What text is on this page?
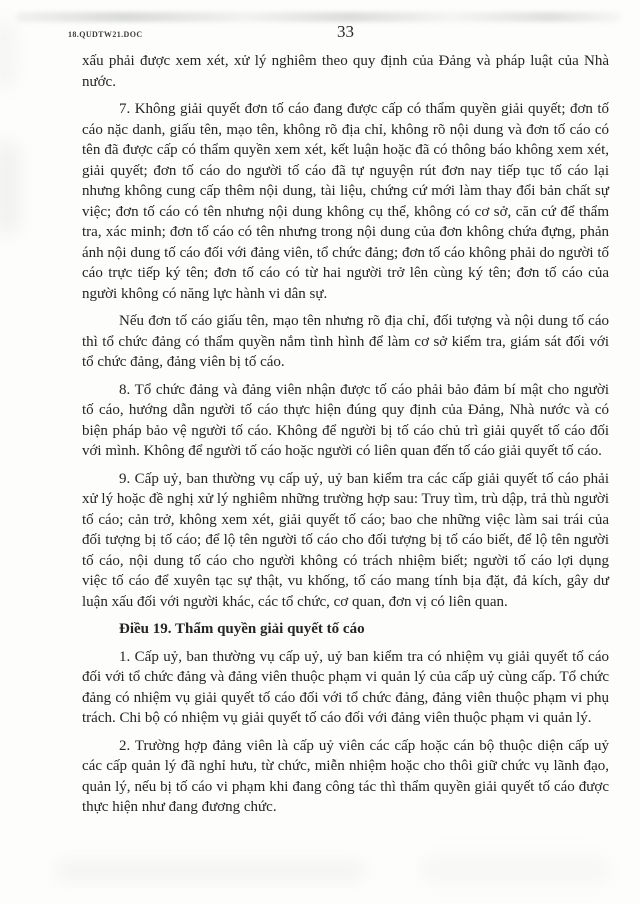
18.QUDTW21.DOC	33

xấu phải được xem xét, xử lý nghiêm theo quy định của Đảng và pháp luật của Nhà nước.

7. Không giải quyết đơn tố cáo đang được cấp có thẩm quyền giải quyết; đơn tố cáo nặc danh, giấu tên, mạo tên, không rõ địa chỉ, không rõ nội dung và đơn tố cáo có tên đã được cấp có thẩm quyền xem xét, kết luận hoặc đã có thông báo không xem xét, giải quyết; đơn tố cáo do người tố cáo đã tự nguyện rút đơn nay tiếp tục tố cáo lại nhưng không cung cấp thêm nội dung, tài liệu, chứng cứ mới làm thay đổi bản chất sự việc; đơn tố cáo có tên nhưng nội dung không cụ thể, không có cơ sở, căn cứ để thẩm tra, xác minh; đơn tố cáo có tên nhưng trong nội dung của đơn không chứa đựng, phản ánh nội dung tố cáo đối với đảng viên, tổ chức đảng; đơn tố cáo không phải do người tố cáo trực tiếp ký tên; đơn tố cáo có từ hai người trở lên cùng ký tên; đơn tố cáo của người không có năng lực hành vi dân sự.

Nếu đơn tố cáo giấu tên, mạo tên nhưng rõ địa chỉ, đối tượng và nội dung tố cáo thì tổ chức đảng có thẩm quyền nắm tình hình để làm cơ sở kiểm tra, giám sát đối với tổ chức đảng, đảng viên bị tố cáo.

8. Tổ chức đảng và đảng viên nhận được tố cáo phải bảo đảm bí mật cho người tố cáo, hướng dẫn người tố cáo thực hiện đúng quy định của Đảng, Nhà nước và có biện pháp bảo vệ người tố cáo. Không để người bị tố cáo chủ trì giải quyết tố cáo đối với mình. Không để người tố cáo hoặc người có liên quan đến tố cáo giải quyết tố cáo.

9. Cấp uỷ, ban thường vụ cấp uỷ, uỷ ban kiểm tra các cấp giải quyết tố cáo phải xử lý hoặc đề nghị xử lý nghiêm những trường hợp sau: Truy tìm, trù dập, trả thù người tố cáo; cản trở, không xem xét, giải quyết tố cáo; bao che những việc làm sai trái của đối tượng bị tố cáo; để lộ tên người tố cáo cho đối tượng bị tố cáo biết, để lộ tên người tố cáo, nội dung tố cáo cho người không có trách nhiệm biết; người tố cáo lợi dụng việc tố cáo để xuyên tạc sự thật, vu khống, tố cáo mang tính bịa đặt, đả kích, gây dư luận xấu đối với người khác, các tổ chức, cơ quan, đơn vị có liên quan.

Điều 19. Thẩm quyền giải quyết tố cáo

1. Cấp uỷ, ban thường vụ cấp uỷ, uỷ ban kiểm tra có nhiệm vụ giải quyết tố cáo đối với tổ chức đảng và đảng viên thuộc phạm vi quản lý của cấp uỷ cùng cấp. Tổ chức đảng có nhiệm vụ giải quyết tố cáo đối với tổ chức đảng, đảng viên thuộc phạm vi phụ trách. Chi bộ có nhiệm vụ giải quyết tố cáo đối với đảng viên thuộc phạm vi quản lý.

2. Trường hợp đảng viên là cấp uỷ viên các cấp hoặc cán bộ thuộc diện cấp uỷ các cấp quản lý đã nghỉ hưu, từ chức, miễn nhiệm hoặc cho thôi giữ chức vụ lãnh đạo, quản lý, nếu bị tố cáo vi phạm khi đang công tác thì thẩm quyền giải quyết tố cáo được thực hiện như đang đương chức.
